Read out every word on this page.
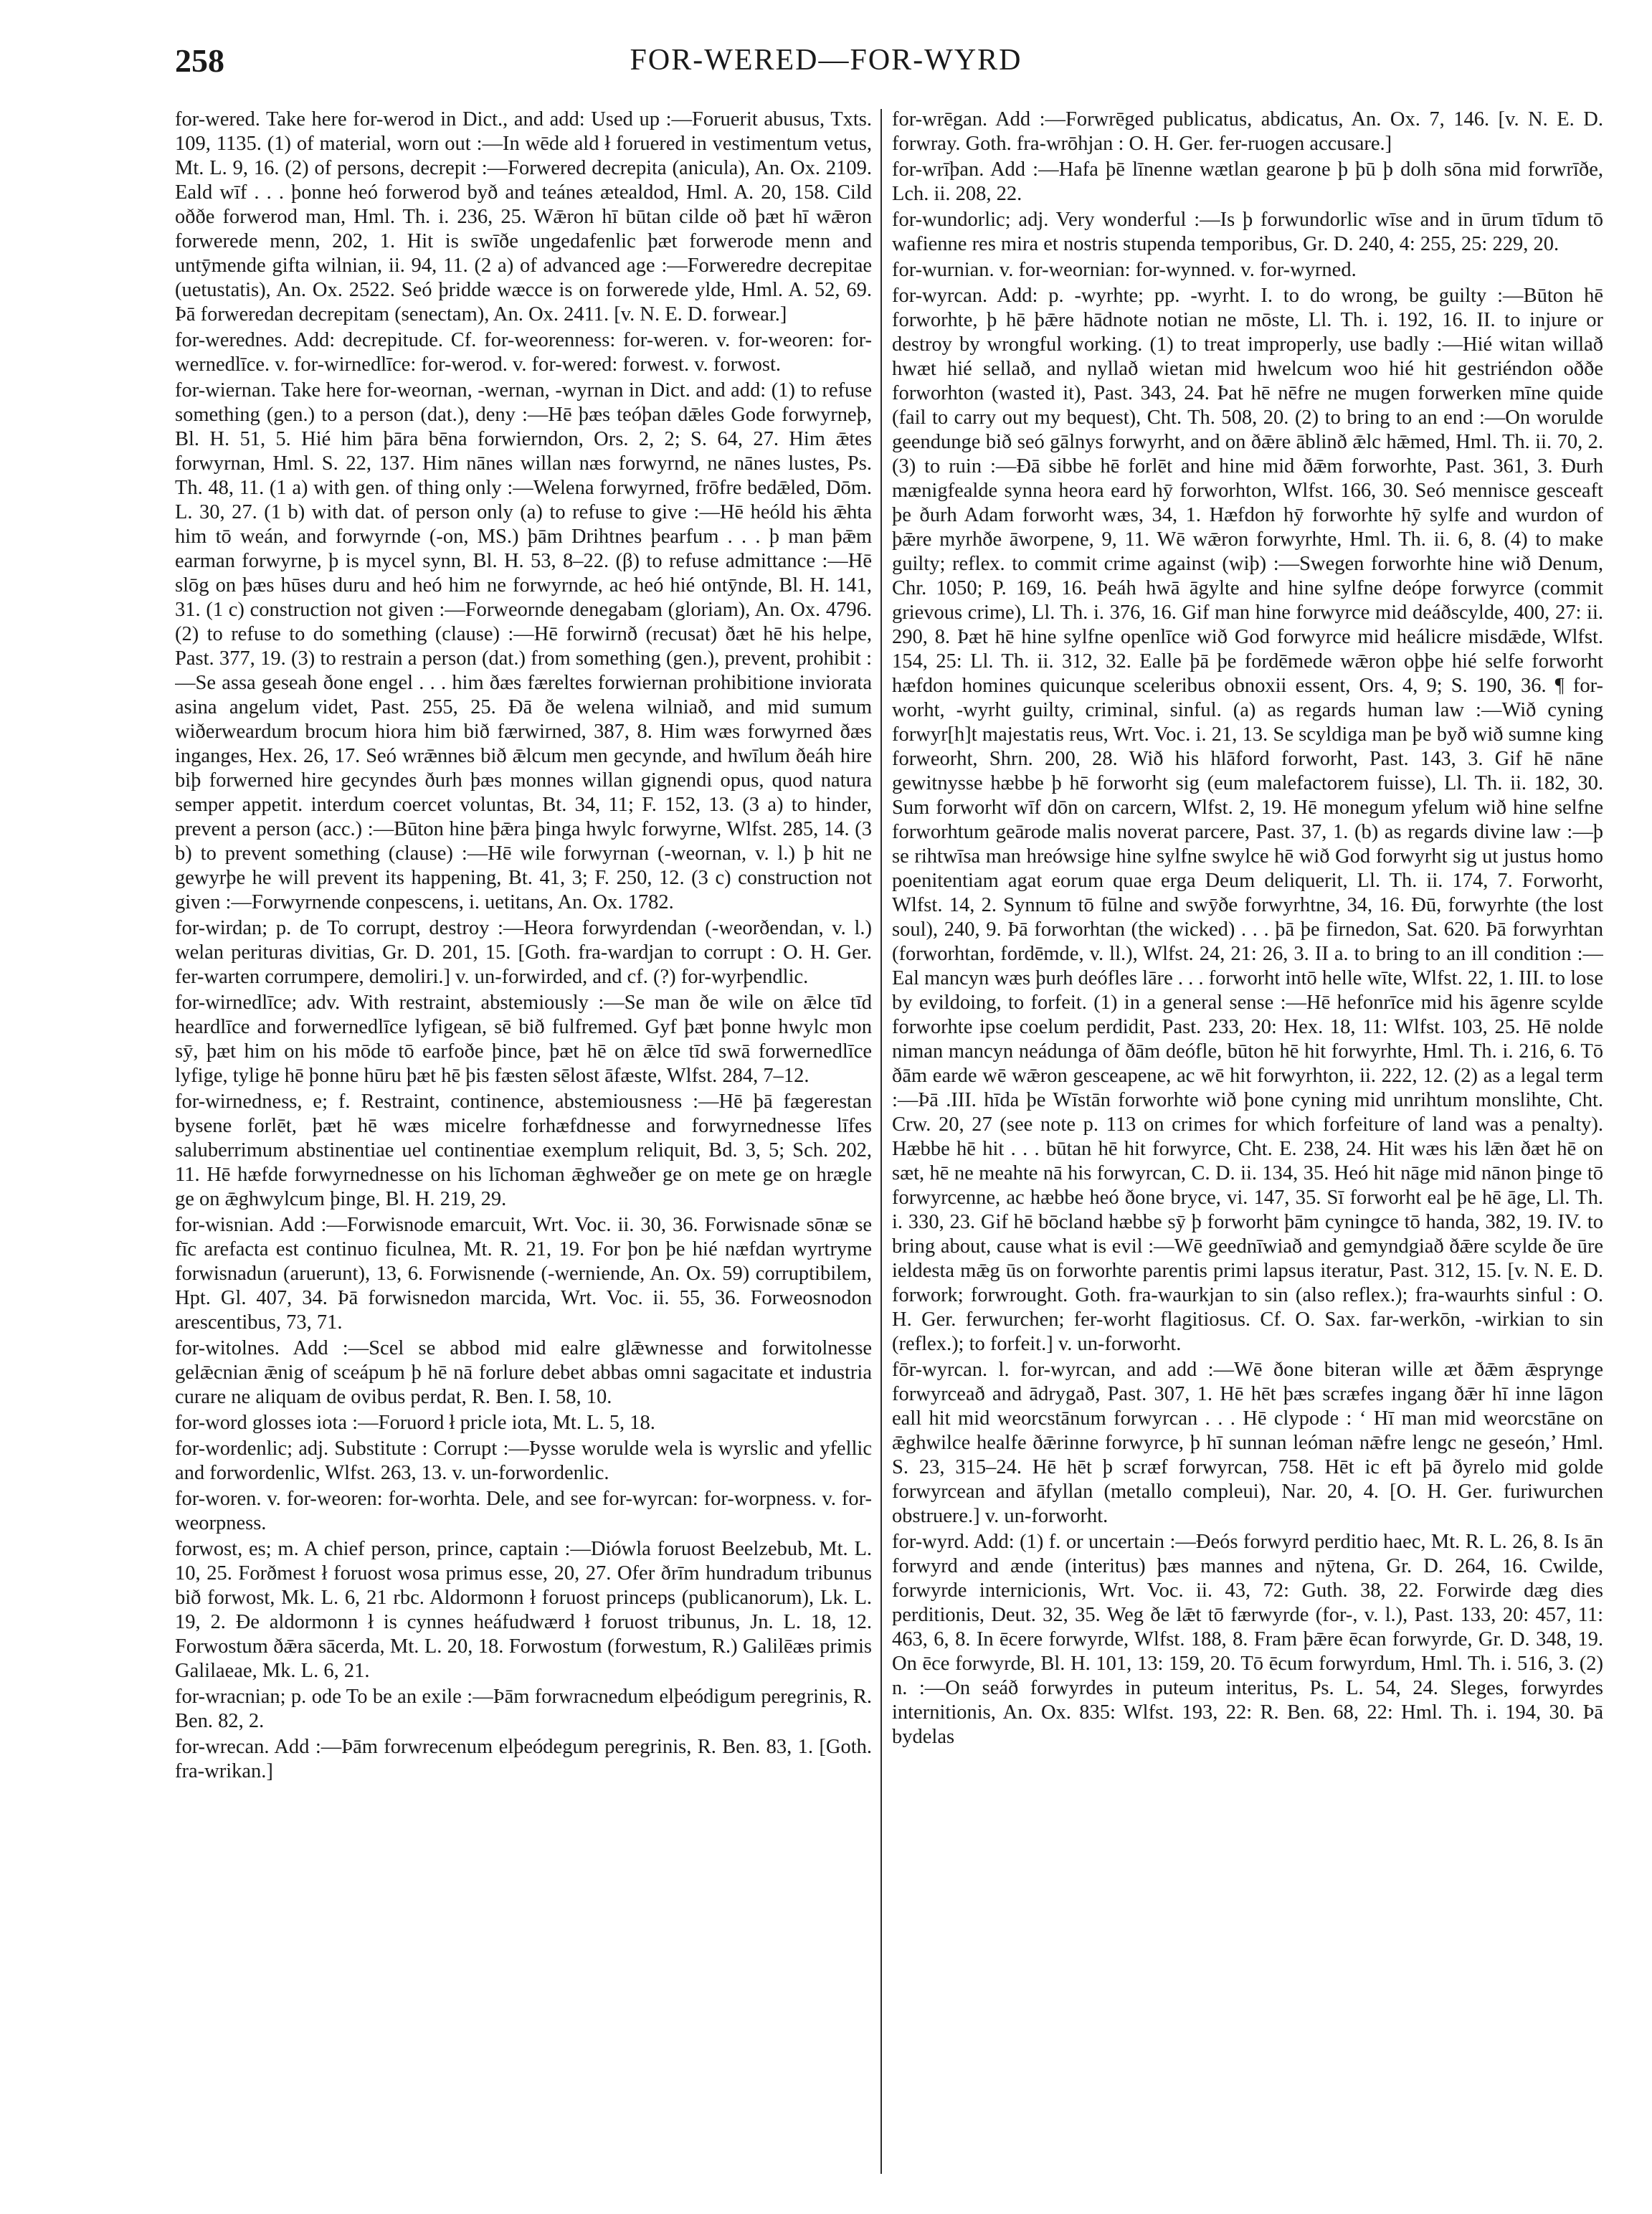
258	FOR-WERED—FOR-WYRD

for-wered. Take here for-werod in Dict., and add: Used up :—Foruerit abusus, Txts. 109, 1135. (1) of material, worn out :—In wēde ald ł foruered in vestimentum vetus, Mt. L. 9, 16. (2) of persons, decrepit :—Forwered decrepita (anicula), An. Ox. 2109. Eald wīf . . . þonne heó forwerod byð and teánes ætealdod, Hml. A. 20, 158. Cild oððe forwerod man, Hml. Th. i. 236, 25. Wǣron hī būtan cilde oð þæt hī wǣron forwerede menn, 202, 1. Hit is swīðe ungedafenlic þæt forwerode menn and untȳmende gifta wilnian, ii. 94, 11. (2 a) of advanced age :—Forweredre decrepitae (uetustatis), An. Ox. 2522. Seó þridde wæcce is on forwerede ylde, Hml. A. 52, 69. Þā forweredan decrepitam (senectam), An. Ox. 2411. [v. N. E. D. forwear.]

for-werednes. Add: decrepitude. Cf. for-weorenness: for-weren. v. for-weoren: for-wernedlīce. v. for-wirnedlīce: for-werod. v. for-wered: forwest. v. forwost.

for-wiernan. Take here for-weornan, -wernan, -wyrnan in Dict. and add: (1) to refuse something (gen.) to a person (dat.), deny :—Hē þæs teóþan dǣles Gode forwyrneþ, Bl. H. 51, 5. Hié him þāra bēna forwierndon, Ors. 2, 2; S. 64, 27. Him ǣtes forwyrnan, Hml. S. 22, 137. Him nānes willan næs forwyrnd, ne nānes lustes, Ps. Th. 48, 11. (1 a) with gen. of thing only :—Welena forwyrned, frōfre bedǣled, Dōm. L. 30, 27. (1 b) with dat. of person only (a) to refuse to give :—Hē heóld his ǣhta him tō weán, and forwyrnde (-on, MS.) þām Drihtnes þearfum . . . þ man þǣm earman forwyrne, þ is mycel synn, Bl. H. 53, 8–22. (β) to refuse admittance :—Hē slōg on þæs hūses duru and heó him ne forwyrnde, ac heó hié ontȳnde, Bl. H. 141, 31. (1 c) construction not given :—Forweornde denegabam (gloriam), An. Ox. 4796. (2) to refuse to do something (clause) :—Hē forwirnð (recusat) ðæt hē his helpe, Past. 377, 19. (3) to restrain a person (dat.) from something (gen.), prevent, prohibit :—Se assa geseah ðone engel . . . him ðæs færeltes forwiernan prohibitione inviorata asina angelum videt, Past. 255, 25. Ðā ðe welena wilniað, and mid sumum wiðerweardum brocum hiora him bið færwirned, 387, 8. Him wæs forwyrned ðæs inganges, Hex. 26, 17. Seó wrǣnnes bið ǣlcum men gecynde, and hwīlum ðeáh hire biþ forwerned hire gecyndes ðurh þæs monnes willan gignendi opus, quod natura semper appetit. interdum coercet voluntas, Bt. 34, 11; F. 152, 13. (3 a) to hinder, prevent a person (acc.) :—Būton hine þǣra þinga hwylc forwyrne, Wlfst. 285, 14. (3 b) to prevent something (clause) :—Hē wile forwyrnan (-weornan, v. l.) þ hit ne gewyrþe he will prevent its happening, Bt. 41, 3; F. 250, 12. (3 c) construction not given :—Forwyrnende conpescens, i. uetitans, An. Ox. 1782.

for-wirdan; p. de To corrupt, destroy :—Heora forwyrdendan (-weorðendan, v. l.) welan perituras divitias, Gr. D. 201, 15. [Goth. fra-wardjan to corrupt : O. H. Ger. fer-warten corrumpere, demoliri.] v. un-forwirded, and cf. (?) for-wyrþendlic.

for-wirnedlīce; adv. With restraint, abstemiously :—Se man ðe wile on ǣlce tīd heardlīce and forwernedlīce lyfigean, sē bið fulfremed. Gyf þæt þonne hwylc mon sȳ, þæt him on his mōde tō earfoðe þince, þæt hē on ǣlce tīd swā forwernedlīce lyfige, tylige hē þonne hūru þæt hē þis fæsten sēlost āfæste, Wlfst. 284, 7–12.

for-wirnedness, e; f. Restraint, continence, abstemiousness :—Hē þā fægerestan bysene forlēt, þæt hē wæs micelre forhæfdnesse and forwyrnednesse līfes saluberrimum abstinentiae uel continentiae exemplum reliquit, Bd. 3, 5; Sch. 202, 11. Hē hæfde forwyrnednesse on his līchoman ǣghweðer ge on mete ge on hrægle ge on ǣghwylcum þinge, Bl. H. 219, 29.

for-wisnian. Add :—Forwisnode emarcuit, Wrt. Voc. ii. 30, 36. Forwisnade sōnæ se fīc arefacta est continuo ficulnea, Mt. R. 21, 19. For þon þe hié næfdan wyrtryme forwisnadun (aruerunt), 13, 6. Forwisnende (-werniende, An. Ox. 59) corruptibilem, Hpt. Gl. 407, 34. Þā forwisnedon marcida, Wrt. Voc. ii. 55, 36. Forweosnodon arescentibus, 73, 71.

for-witolnes. Add :—Scel se abbod mid ealre glǣwnesse and forwitolnesse gelǣcnian ǣnig of sceápum þ hē nā forlure debet abbas omni sagacitate et industria curare ne aliquam de ovibus perdat, R. Ben. I. 58, 10.

for-word glosses iota :—Foruord ł pricle iota, Mt. L. 5, 18.

for-wordenlic; adj. Substitute : Corrupt :—Þysse worulde wela is wyrslic and yfellic and forwordenlic, Wlfst. 263, 13. v. un-forwordenlic.

for-woren. v. for-weoren: for-worhta. Dele, and see for-wyrcan: for-worpness. v. for-weorpness.

forwost, es; m. A chief person, prince, captain :—Diówla foruost Beelzebub, Mt. L. 10, 25. Forðmest ł foruost wosa primus esse, 20, 27. Ofer ðrīm hundradum tribunus bið forwost, Mk. L. 6, 21 rbc. Aldormonn ł foruost princeps (publicanorum), Lk. L. 19, 2. Ðe aldormonn ł is cynnes heáfudwærd ł foruost tribunus, Jn. L. 18, 12. Forwostum ðǣra sācerda, Mt. L. 20, 18. Forwostum (forwestum, R.) Galilēæs primis Galilaeae, Mk. L. 6, 21.

for-wracnian; p. ode To be an exile :—Þām forwracnedum elþeódigum peregrinis, R. Ben. 82, 2.

for-wrecan. Add :—Þām forwrecenum elþeódegum peregrinis, R. Ben. 83, 1. [Goth. fra-wrikan.]

for-wrēgan. Add :—Forwrēged publicatus, abdicatus, An. Ox. 7, 146. [v. N. E. D. forwray. Goth. fra-wrōhjan : O. H. Ger. fer-ruogen accusare.]

for-wrīþan. Add :—Hafa þē līnenne wætlan gearone þ þū þ dolh sōna mid forwrīðe, Lch. ii. 208, 22.

for-wundorlic; adj. Very wonderful :—Is þ forwundorlic wīse and in ūrum tīdum tō wafienne res mira et nostris stupenda temporibus, Gr. D. 240, 4: 255, 25: 229, 20.

for-wurnian. v. for-weornian: for-wynned. v. for-wyrned.

for-wyrcan. Add: p. -wyrhte; pp. -wyrht. I. to do wrong, be guilty :—Būton hē forworhte, þ hē þǣre hādnote notian ne mōste, Ll. Th. i. 192, 16. II. to injure or destroy by wrongful working. (1) to treat improperly, use badly :—Hié witan willað hwæt hié sellað, and nyllað wietan mid hwelcum woo hié hit gestriéndon oððe forworhton (wasted it), Past. 343, 24. Þat hē nēfre ne mugen forwerken mīne quide (fail to carry out my bequest), Cht. Th. 508, 20. (2) to bring to an end :—On worulde geendunge bið seó gālnys forwyrht, and on ðǣre āblinð ǣlc hǣmed, Hml. Th. ii. 70, 2. (3) to ruin :—Ðā sibbe hē forlēt and hine mid ðǣm forworhte, Past. 361, 3. Ðurh mænigfealde synna heora eard hȳ forworhton, Wlfst. 166, 30. Seó mennisce gesceaft þe ðurh Adam forworht wæs, 34, 1. Hæfdon hȳ forworhte hȳ sylfe and wurdon of þǣre myrhðe āworpene, 9, 11. Wē wǣron forwyrhte, Hml. Th. ii. 6, 8. (4) to make guilty; reflex. to commit crime against (wiþ) :—Swegen forworhte hine wið Denum, Chr. 1050; P. 169, 16. Þeáh hwā āgylte and hine sylfne deópe forwyrce (commit grievous crime), Ll. Th. i. 376, 16. Gif man hine forwyrce mid deáðscylde, 400, 27: ii. 290, 8. Þæt hē hine sylfne openlīce wið God forwyrce mid heálicre misdǣde, Wlfst. 154, 25: Ll. Th. ii. 312, 32. Ealle þā þe fordēmede wǣron oþþe hié selfe forworht hæfdon homines quicunque sceleribus obnoxii essent, Ors. 4, 9; S. 190, 36. ¶ for-worht, -wyrht guilty, criminal, sinful. (a) as regards human law :—Wið cyning forwyr[h]t majestatis reus, Wrt. Voc. i. 21, 13. Se scyldiga man þe byð wið sumne king forweorht, Shrn. 200, 28. Wið his hlāford forworht, Past. 143, 3. Gif hē nāne gewitnysse hæbbe þ hē forworht sig (eum malefactorem fuisse), Ll. Th. ii. 182, 30. Sum forworht wīf dōn on carcern, Wlfst. 2, 19. Hē monegum yfelum wið hine selfne forworhtum geārode malis noverat parcere, Past. 37, 1. (b) as regards divine law :—þ se rihtwīsa man hreówsige hine sylfne swylce hē wið God forwyrht sig ut justus homo poenitentiam agat eorum quae erga Deum deliquerit, Ll. Th. ii. 174, 7. Forworht, Wlfst. 14, 2. Synnum tō fūlne and swȳðe forwyrhtne, 34, 16. Ðū, forwyrhte (the lost soul), 240, 9. Þā forworhtan (the wicked) . . . þā þe firnedon, Sat. 620. Þā forwyrhtan (forworhtan, fordēmde, v. ll.), Wlfst. 24, 21: 26, 3. II a. to bring to an ill condition :—Eal mancyn wæs þurh deófles lāre . . . forworht intō helle wīte, Wlfst. 22, 1. III. to lose by evildoing, to forfeit. (1) in a general sense :—Hē hefonrīce mid his āgenre scylde forworhte ipse coelum perdidit, Past. 233, 20: Hex. 18, 11: Wlfst. 103, 25. Hē nolde niman mancyn neádunga of ðām deófle, būton hē hit forwyrhte, Hml. Th. i. 216, 6. Tō ðām earde wē wǣron gesceapene, ac wē hit forwyrhton, ii. 222, 12. (2) as a legal term :—Þā .III. hīda þe Wīstān forworhte wið þone cyning mid unrihtum monslihte, Cht. Crw. 20, 27 (see note p. 113 on crimes for which forfeiture of land was a penalty). Hæbbe hē hit . . . būtan hē hit forwyrce, Cht. E. 238, 24. Hit wæs his lǣn ðæt hē on sæt, hē ne meahte nā his forwyrcan, C. D. ii. 134, 35. Heó hit nāge mid nānon þinge tō forwyrcenne, ac hæbbe heó ðone bryce, vi. 147, 35. Sī forworht eal þe hē āge, Ll. Th. i. 330, 23. Gif hē bōcland hæbbe sȳ þ forworht þām cyningce tō handa, 382, 19. IV. to bring about, cause what is evil :—Wē geednīwiað and gemyndgiað ðǣre scylde ðe ūre ieldesta mǣg ūs on forworhte parentis primi lapsus iteratur, Past. 312, 15. [v. N. E. D. forwork; forwrought. Goth. fra-waurkjan to sin (also reflex.); fra-waurhts sinful : O. H. Ger. ferwurchen; fer-worht flagitiosus. Cf. O. Sax. far-werkōn, -wirkian to sin (reflex.); to forfeit.] v. un-forworht.

fōr-wyrcan. l. for-wyrcan, and add :—Wē ðone biteran wille æt ðǣm ǣsprynge forwyrceað and ādrygað, Past. 307, 1. Hē hēt þæs scræfes ingang ðǣr hī inne lāgon eall hit mid weorcstānum forwyrcan . . . Hē clypode : ‘ Hī man mid weorcstāne on ǣghwilce healfe ðǣrinne forwyrce, þ hī sunnan leóman nǣfre lengc ne geseón,’ Hml. S. 23, 315–24. Hē hēt þ scræf forwyrcan, 758. Hēt ic eft þā ðyrelo mid golde forwyrcean and āfyllan (metallo compleui), Nar. 20, 4. [O. H. Ger. furiwurchen obstruere.] v. un-forworht.

for-wyrd. Add: (1) f. or uncertain :—Ðeós forwyrd perditio haec, Mt. R. L. 26, 8. Is ān forwyrd and ænde (interitus) þæs mannes and nȳtena, Gr. D. 264, 16. Cwilde, forwyrde internicionis, Wrt. Voc. ii. 43, 72: Guth. 38, 22. Forwirde dæg dies perditionis, Deut. 32, 35. Weg ðe lǣt tō færwyrde (for-, v. l.), Past. 133, 20: 457, 11: 463, 6, 8. In ēcere forwyrde, Wlfst. 188, 8. Fram þǣre ēcan forwyrde, Gr. D. 348, 19. On ēce forwyrde, Bl. H. 101, 13: 159, 20. Tō ēcum forwyrdum, Hml. Th. i. 516, 3. (2) n. :—On seáð forwyrdes in puteum interitus, Ps. L. 54, 24. Sleges, forwyrdes internitionis, An. Ox. 835: Wlfst. 193, 22: R. Ben. 68, 22: Hml. Th. i. 194, 30. Þā bydelas
